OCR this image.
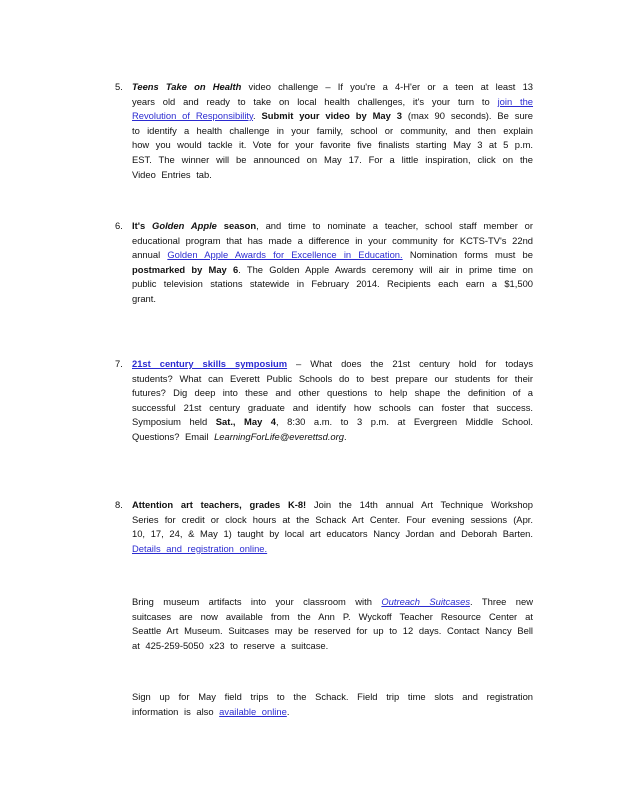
5. Teens Take on Health video challenge – If you're a 4-H'er or a teen at least 13 years old and ready to take on local health challenges, it's your turn to join the Revolution of Responsibility. Submit your video by May 3 (max 90 seconds). Be sure to identify a health challenge in your family, school or community, and then explain how you would tackle it. Vote for your favorite five finalists starting May 3 at 5 p.m. EST. The winner will be announced on May 17. For a little inspiration, click on the Video Entries tab.
6. It's Golden Apple season, and time to nominate a teacher, school staff member or educational program that has made a difference in your community for KCTS-TV's 22nd annual Golden Apple Awards for Excellence in Education. Nomination forms must be postmarked by May 6. The Golden Apple Awards ceremony will air in prime time on public television stations statewide in February 2014. Recipients each earn a $1,500 grant.
7. 21st century skills symposium – What does the 21st century hold for todays students? What can Everett Public Schools do to best prepare our students for their futures? Dig deep into these and other questions to help shape the definition of a successful 21st century graduate and identify how schools can foster that success. Symposium held Sat., May 4, 8:30 a.m. to 3 p.m. at Evergreen Middle School. Questions? Email LearningForLife@everettsd.org.
8. Attention art teachers, grades K-8! Join the 14th annual Art Technique Workshop Series for credit or clock hours at the Schack Art Center. Four evening sessions (Apr. 10, 17, 24, & May 1) taught by local art educators Nancy Jordan and Deborah Barten. Details and registration online.
Bring museum artifacts into your classroom with Outreach Suitcases. Three new suitcases are now available from the Ann P. Wyckoff Teacher Resource Center at Seattle Art Museum. Suitcases may be reserved for up to 12 days. Contact Nancy Bell at 425-259-5050 x23 to reserve a suitcase.
Sign up for May field trips to the Schack. Field trip time slots and registration information is also available online.
